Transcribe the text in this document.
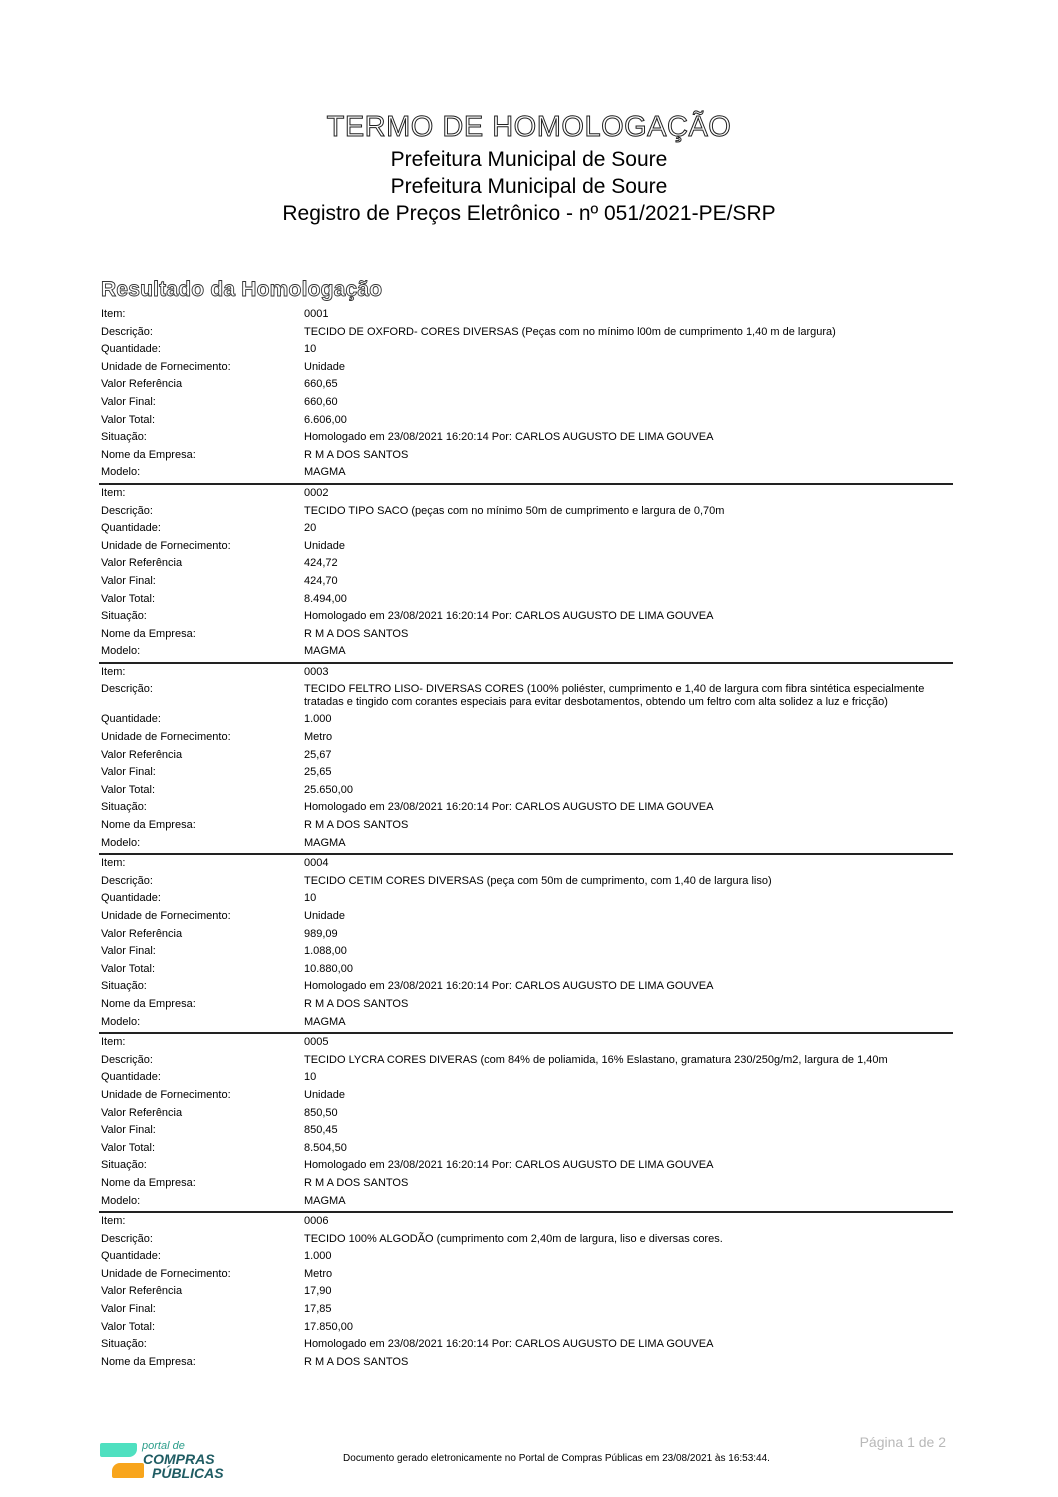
TERMO DE HOMOLOGAÇÃO

Prefeitura Municipal de Soure

Prefeitura Municipal de Soure

Registro de Preços Eletrônico - nº 051/2021-PE/SRP

Resultado da Homologação
Item:	0001
Descrição:	TECIDO DE OXFORD- CORES DIVERSAS (Peças com no mínimo l00m de cumprimento 1,40 m de largura)
Quantidade:	10
Unidade de Fornecimento:	Unidade
Valor Referência	660,65
Valor Final:	660,60
Valor Total:	6.606,00
Situação:	Homologado em 23/08/2021 16:20:14 Por: CARLOS AUGUSTO DE LIMA GOUVEA
Nome da Empresa:	R M A DOS SANTOS
Modelo:	MAGMA
Item:	0002
Descrição:	TECIDO TIPO SACO (peças com no mínimo 50m de cumprimento e largura de 0,70m
Quantidade:	20
Unidade de Fornecimento:	Unidade
Valor Referência	424,72
Valor Final:	424,70
Valor Total:	8.494,00
Situação:	Homologado em 23/08/2021 16:20:14 Por: CARLOS AUGUSTO DE LIMA GOUVEA
Nome da Empresa:	R M A DOS SANTOS
Modelo:	MAGMA
Item:	0003
Descrição:	TECIDO FELTRO LISO- DIVERSAS CORES (100% poliéster, cumprimento e 1,40 de largura com fibra sintética especialmente tratadas e tingido com corantes especiais para evitar desbotamentos, obtendo um feltro com alta solidez a luz e fricção)
Quantidade:	1.000
Unidade de Fornecimento:	Metro
Valor Referência	25,67
Valor Final:	25,65
Valor Total:	25.650,00
Situação:	Homologado em 23/08/2021 16:20:14 Por: CARLOS AUGUSTO DE LIMA GOUVEA
Nome da Empresa:	R M A DOS SANTOS
Modelo:	MAGMA
Item:	0004
Descrição:	TECIDO CETIM CORES DIVERSAS (peça com 50m de cumprimento, com 1,40 de largura liso)
Quantidade:	10
Unidade de Fornecimento:	Unidade
Valor Referência	989,09
Valor Final:	1.088,00
Valor Total:	10.880,00
Situação:	Homologado em 23/08/2021 16:20:14 Por: CARLOS AUGUSTO DE LIMA GOUVEA
Nome da Empresa:	R M A DOS SANTOS
Modelo:	MAGMA
Item:	0005
Descrição:	TECIDO LYCRA CORES DIVERAS (com 84% de poliamida, 16% Eslastano, gramatura 230/250g/m2, largura de 1,40m
Quantidade:	10
Unidade de Fornecimento:	Unidade
Valor Referência	850,50
Valor Final:	850,45
Valor Total:	8.504,50
Situação:	Homologado em 23/08/2021 16:20:14 Por: CARLOS AUGUSTO DE LIMA GOUVEA
Nome da Empresa:	R M A DOS SANTOS
Modelo:	MAGMA
Item:	0006
Descrição:	TECIDO 100% ALGODÃO (cumprimento com 2,40m de largura, liso e diversas cores.
Quantidade:	1.000
Unidade de Fornecimento:	Metro
Valor Referência	17,90
Valor Final:	17,85
Valor Total:	17.850,00
Situação:	Homologado em 23/08/2021 16:20:14 Por: CARLOS AUGUSTO DE LIMA GOUVEA
Nome da Empresa:	R M A DOS SANTOS
portal de
COMPRAS
PÚBLICAS
Documento gerado eletronicamente no Portal de Compras Públicas em 23/08/2021 às 16:53:44.
Página 1 de 2
